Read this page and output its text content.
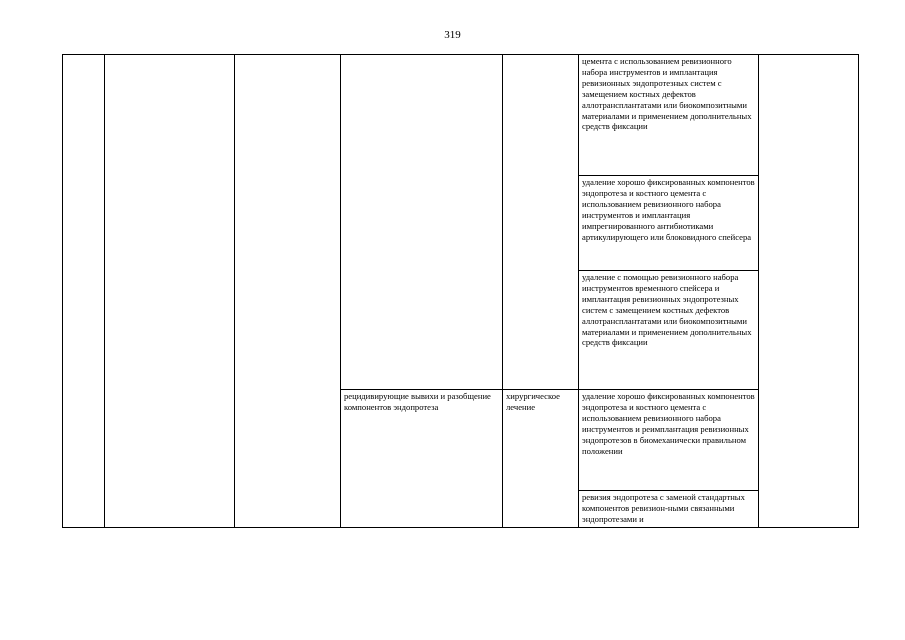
319
					цемента с использованием ревизионного набора инструментов и имплантация ревизионных эндопротезных систем с замещением костных дефектов аллотрансплантатами или биокомпозитными материалами и применением дополнительных средств фиксации	
					удаление хорошо фиксированных компонентов эндопротеза и костного цемента с использованием ревизионного набора инструментов и имплантация импрегнированного антибиотиками артикулирующего или блоковидного спейсера	
					удаление с помощью ревизионного набора инструментов временного спейсера и имплантация ревизионных эндопротезных систем с замещением костных дефектов аллотрансплантатами или биокомпозитными материалами и применением дополнительных средств фиксации	
			рецидивирующие вывихи и разобщение компонентов эндопротеза	хирургическое лечение	удаление хорошо фиксированных компонентов эндопротеза и костного цемента с использованием ревизионного набора инструментов и реимплантация ревизионных эндопротезов в биомеханически правильном положении	
					ревизия эндопротеза с заменой стандартных компонентов ревизион-ными связанными эндопротезами и	
